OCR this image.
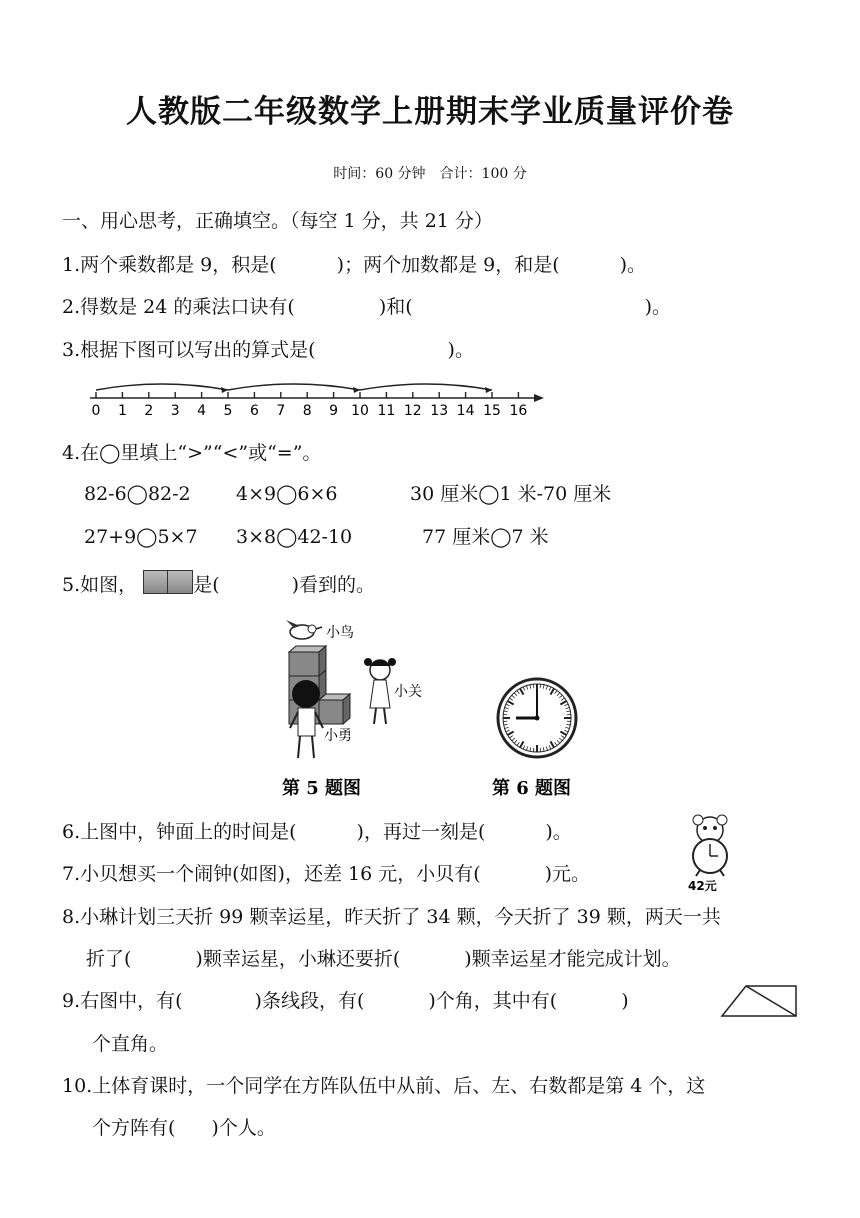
人教版二年级数学上册期末学业质量评价卷
时间：60 分钟　合计：100 分
一、用心思考，正确填空。（每空 1 分，共 21 分）
1.两个乘数都是 9，积是(	)；两个加数都是 9，和是(	)。
2.得数是 24 的乘法口诀有(	)和(	)。
3.根据下图可以写出的算式是(	)。
0 1 2 3 4 5 6 7 8 9 10 11 12 13 14 15 16
4.在◯里填上“>”“<”或“=”。
82-6◯82-2 4×9◯6×6	30 厘米◯1 米-70 厘米
27+9◯5×7 3×8◯42-10	77 厘米◯7 米
5.如图，	是(	)看到的。
小鸟
小勇
小关
第 5 题图	第 6 题图
6.上图中，钟面上的时间是(	)，再过一刻是(	)。
42元
7.小贝想买一个闹钟(如图)，还差 16 元，小贝有(	)元。
8.小琳计划三天折 99 颗幸运星，昨天折了 34 颗，今天折了 39 颗，两天一共
折了(	)颗幸运星，小琳还要折(	)颗幸运星才能完成计划。
9.右图中，有(	)条线段，有(	)个角，其中有(	)
个直角。
10.上体育课时，一个同学在方阵队伍中从前、后、左、右数都是第 4 个，这
个方阵有( )个人。
